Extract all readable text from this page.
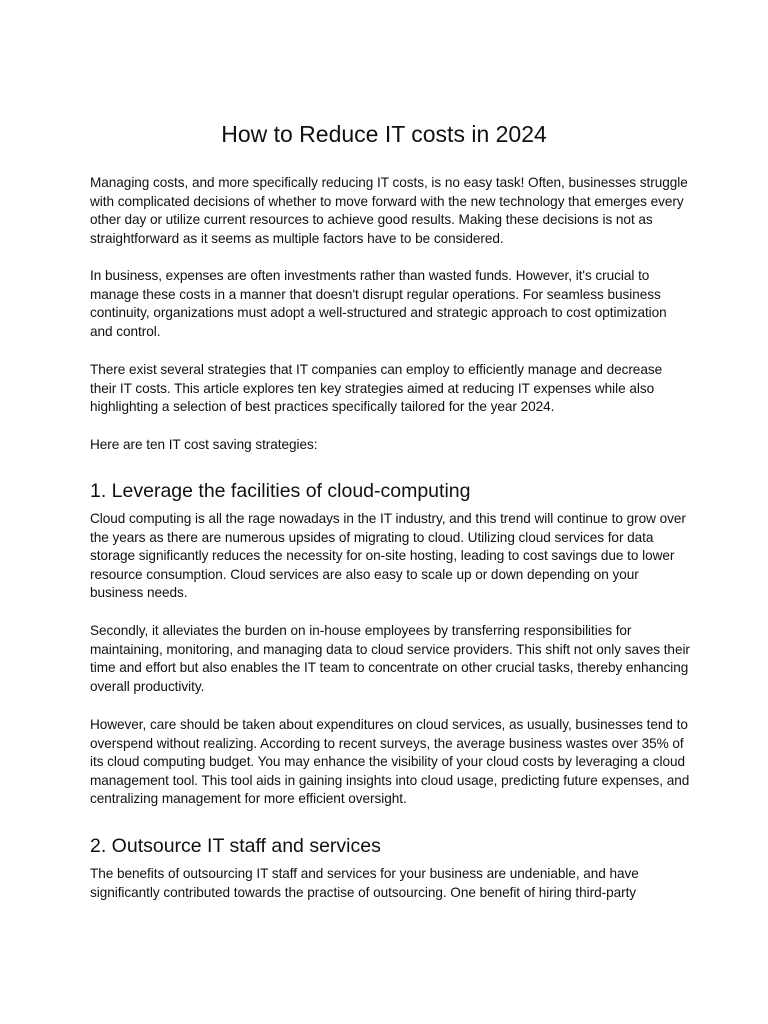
How to Reduce IT costs in 2024

Managing costs, and more specifically reducing IT costs, is no easy task! Often, businesses struggle with complicated decisions of whether to move forward with the new technology that emerges every other day or utilize current resources to achieve good results. Making these decisions is not as straightforward as it seems as multiple factors have to be considered.

In business, expenses are often investments rather than wasted funds. However, it's crucial to manage these costs in a manner that doesn't disrupt regular operations. For seamless business continuity, organizations must adopt a well-structured and strategic approach to cost optimization and control.

There exist several strategies that IT companies can employ to efficiently manage and decrease their IT costs. This article explores ten key strategies aimed at reducing IT expenses while also highlighting a selection of best practices specifically tailored for the year 2024.

Here are ten IT cost saving strategies:

1. Leverage the facilities of cloud-computing

Cloud computing is all the rage nowadays in the IT industry, and this trend will continue to grow over the years as there are numerous upsides of migrating to cloud. Utilizing cloud services for data storage significantly reduces the necessity for on-site hosting, leading to cost savings due to lower resource consumption. Cloud services are also easy to scale up or down depending on your business needs.

Secondly, it alleviates the burden on in-house employees by transferring responsibilities for maintaining, monitoring, and managing data to cloud service providers. This shift not only saves their time and effort but also enables the IT team to concentrate on other crucial tasks, thereby enhancing overall productivity.

However, care should be taken about expenditures on cloud services, as usually, businesses tend to overspend without realizing. According to recent surveys, the average business wastes over 35% of its cloud computing budget. You may enhance the visibility of your cloud costs by leveraging a cloud management tool. This tool aids in gaining insights into cloud usage, predicting future expenses, and centralizing management for more efficient oversight.

2. Outsource IT staff and services

The benefits of outsourcing IT staff and services for your business are undeniable, and have significantly contributed towards the practise of outsourcing. One benefit of hiring third-party
